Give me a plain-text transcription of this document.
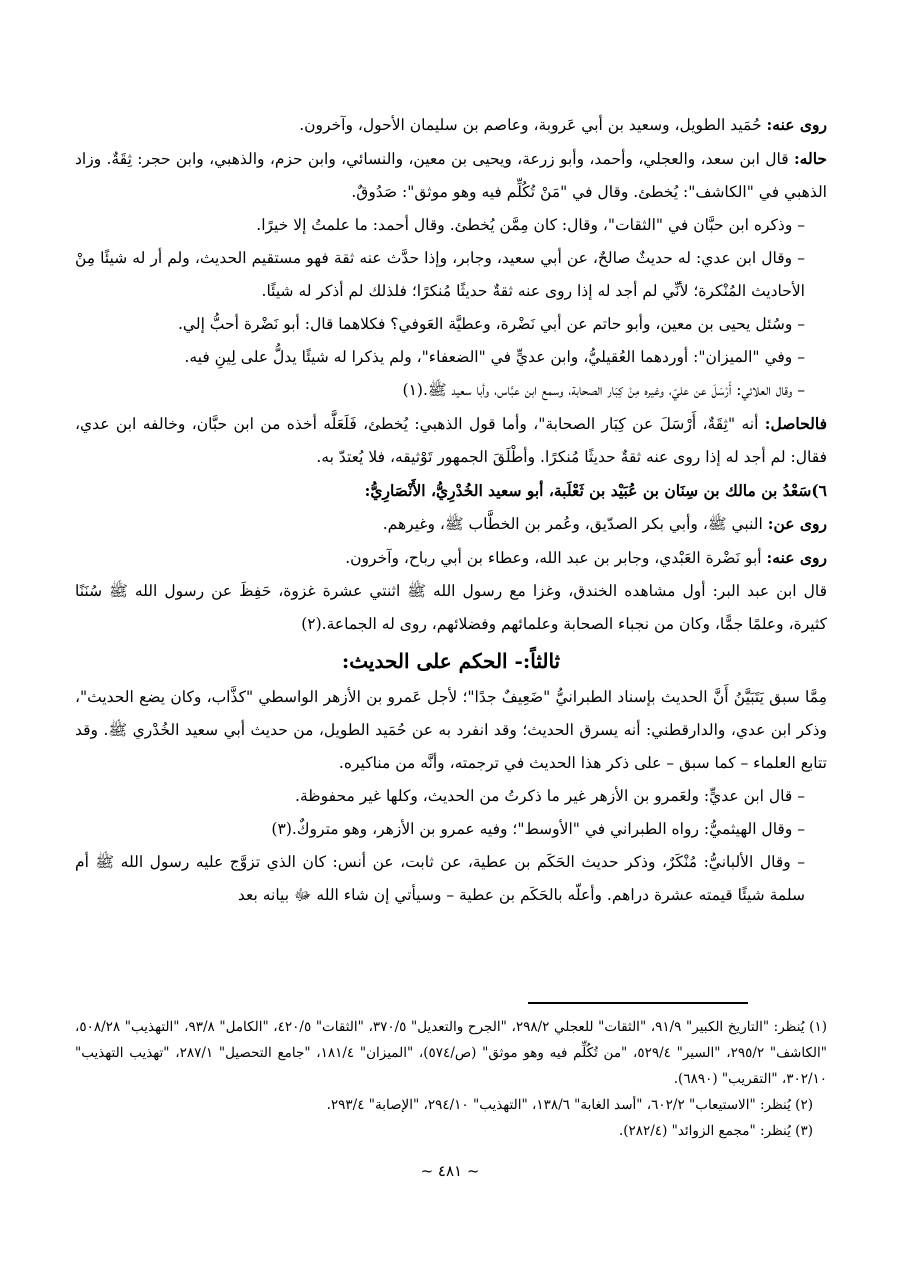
روى عنه: حُمَيد الطويل، وسعيد بن أبي عَروبة، وعاصم بن سليمان الأحول، وآخرون.

حاله: قال ابن سعد، والعجلي، وأحمد، وأبو زرعة، ويحيى بن معين، والنسائي، وابن حزم، والذهبي، وابن حجر: ثِقَةٌ. وزاد الذهبي في "الكاشف": يُخطئ. وقال في "مَنْ تُكُلِّم فيه وهو موثق": صَدُوقٌ.

– وذكره ابن حبَّان في "الثقات"، وقال: كان مِمَّن يُخطئ. وقال أحمد: ما علمتُ إلا خيرًا.

– وقال ابن عدي: له حديثٌ صالحٌ، عن أبي سعيد، وجابر، وإذا حدَّث عنه ثقة فهو مستقيم الحديث، ولم أر له شيئًا مِنْ الأحاديث المُنْكرة؛ لأنِّي لم أجد له إذا روى عنه ثقةٌ حديثًا مُنكرًا؛ فلذلك لم أذكر له شيئًا.

– وسُئل يحيى بن معين، وأبو حاتم عن أبي نَضْرة، وعطيَّة العَوفي؟ فكلاهما قال: أبو نَضْرة أحبُّ إلي.

– وفي "الميزان": أوردهما العُقيليُّ، وابن عديٍّ في "الضعفاء"، ولم يذكرا له شيئًا يدلُّ على لِينِ فيه.

– وقال العلائي: أَرْسَلَ عن عليّ، وغيره مِنْ كِبَار الصحابة، وسمع ابن عبَّاس، وأبا سعيد ﷺ.(١)

فالحاصل: أنه "ثِقَةٌ، أَرْسَلَ عن كِبَار الصحابة"، وأما قول الذهبي: يُخطئ، فَلَعَلَّه أخذه من ابن حبَّان، وخالفه ابن عدي، فقال: لم أجد له إذا روى عنه ثقةٌ حديثًا مُنكرًا. وأطْلَقَ الجمهور تَوْثيقه، فلا يُعتدّ به.

٦)سَعْدُ بن مالك بن سِنَان بن عُبَيْد بن ثَعْلَبة، أبو سعيد الخُدْرِيُّ، الأَنْصَارِيُّ:

روى عن: النبي ﷺ، وأبي بكر الصدّيق، وعُمر بن الخطَّاب ﷺ، وغيرهم.

روى عنه: أبو نَضْرة العَبْدي، وجابر بن عبد الله، وعطاء بن أبي رباح، وآخرون.

قال ابن عبد البر: أول مشاهده الخندق، وغزا مع رسول الله ﷺ اثنتي عشرة غزوة، حَفِظَ عن رسول الله ﷺ سُنَنًا كثيرة، وعلمًا جمًّا، وكان من نجباء الصحابة وعلمائهم وفضلائهم، روى له الجماعة.(٢)

ثالثاً:- الحكم على الحديث:

مِمَّا سبق يَتَبَيَّنُ أَنَّ الحديث بإسناد الطبرانيُّ "ضَعِيفٌ جدًا"؛ لأجل عَمرو بن الأزهر الواسطي "كذَّاب، وكان يضع الحديث"، وذكر ابن عدي، والدارقطني: أنه يسرق الحديث؛ وقد انفرد به عن حُمَيد الطويل، من حديث أبي سعيد الخُدْري ﷺ. وقد تتابع العلماء – كما سبق – على ذكر هذا الحديث في ترجمته، وأنَّه من مناكيره.

– قال ابن عديٍّ: ولعَمرو بن الأزهر غير ما ذكرتُ من الحديث، وكلها غير محفوظة.

– وقال الهيثميُّ: رواه الطبراني في "الأوسط"؛ وفيه عمرو بن الأزهر، وهو متروكٌ.(٣)

– وقال الألبانيُّ: مُنْكَرٌ، وذكر حديث الحَكَم بن عطية، عن ثابت، عن أنس: كان الذي تزوَّج عليه رسول الله ﷺ أم سلمة شيئًا قيمته عشرة دراهم. وأعلّه بالحَكَم بن عطية – وسيأتي إن شاء الله ﷻ بيانه بعد

(١) يُنظر: "التاريخ الكبير" ٩١/٩، "الثقات" للعجلي ٢٩٨/٢، "الجرح والتعديل" ٣٧٠/٥، "الثقات" ٤٢٠/٥، "الكامل" ٩٣/٨، "التهذيب" ٥٠٨/٢٨، "الكاشف" ٢٩٥/٢، "السير" ٥٢٩/٤، "من تُكُلِّم فيه وهو موثق" (ص/٥٧٤)، "الميزان" ١٨١/٤، "جامع التحصيل" ٢٨٧/١، "تهذيب التهذيب" ٣٠٢/١٠، "التقريب" (٦٨٩٠).

(٢) يُنظر: "الاستيعاب" ٦٠٢/٢، "أسد الغابة" ١٣٨/٦، "التهذيب" ٢٩٤/١٠، "الإصابة" ٢٩٣/٤.

(٣) يُنظر: "مجمع الزوائد" (٢٨٢/٤).

~ ٤٨١ ~
